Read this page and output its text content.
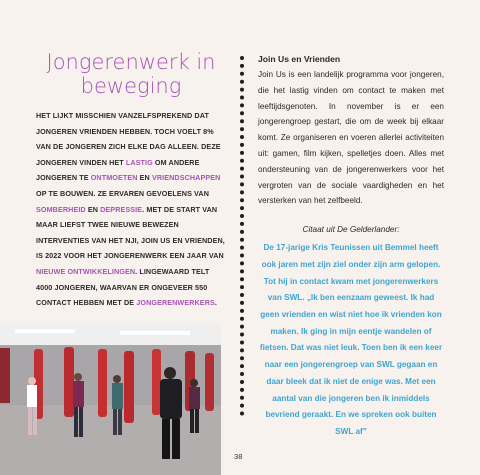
Jongerenwerk in beweging

HET LIJKT MISSCHIEN VANZELFSPREKEND DAT JONGEREN VRIENDEN HEBBEN. TOCH VOELT 8% VAN DE JONGEREN ZICH ELKE DAG ALLEEN. DEZE JONGEREN VINDEN HET LASTIG OM ANDERE JONGEREN TE ONTMOETEN EN VRIENDSCHAPPEN OP TE BOUWEN. ZE ERVAREN GEVOELENS VAN SOMBERHEID EN DEPRESSIE. MET DE START VAN MAAR LIEFST TWEE NIEUWE BEWEZEN INTERVENTIES VAN HET NJI, JOIN US EN VRIENDEN, IS 2022 VOOR HET JONGERENWERK EEN JAAR VAN NIEUWE ONTWIKKELINGEN. LINGEWAARD TELT 4000 JONGEREN, WAARVAN ER ONGEVEER 550 CONTACT HEBBEN MET DE JONGERENWERKERS.

Join Us en Vrienden

Join Us is een landelijk programma voor jongeren, die het lastig vinden om contact te maken met leeftijdsgenoten. In november is er een jongerengroep gestart, die om de week bij elkaar komt. Ze organiseren en voeren allerlei activiteiten uit: gamen, film kijken, spelletjes doen. Alles met ondersteuning van de jongerenwerkers voor het vergroten van de sociale vaardigheden en het versterken van het zelfbeeld.

Citaat uit De Gelderlander:

De 17-jarige Kris Teunissen uit Bemmel heeft ook jaren met zijn ziel onder zijn arm gelopen. Tot hij in contact kwam met jongerenwerkers van SWL. „Ik ben eenzaam geweest. Ik had geen vrienden en wist niet hoe ik vrienden kon maken. Ik ging in mijn eentje wandelen of fietsen. Dat was niet leuk. Toen ben ik een keer naar een jongerengroep van SWL gegaan en daar bleek dat ik niet de enige was. Met een aantal van die jongeren ben ik inmiddels bevriend geraakt. En we spreken ook buiten SWL af”

38
